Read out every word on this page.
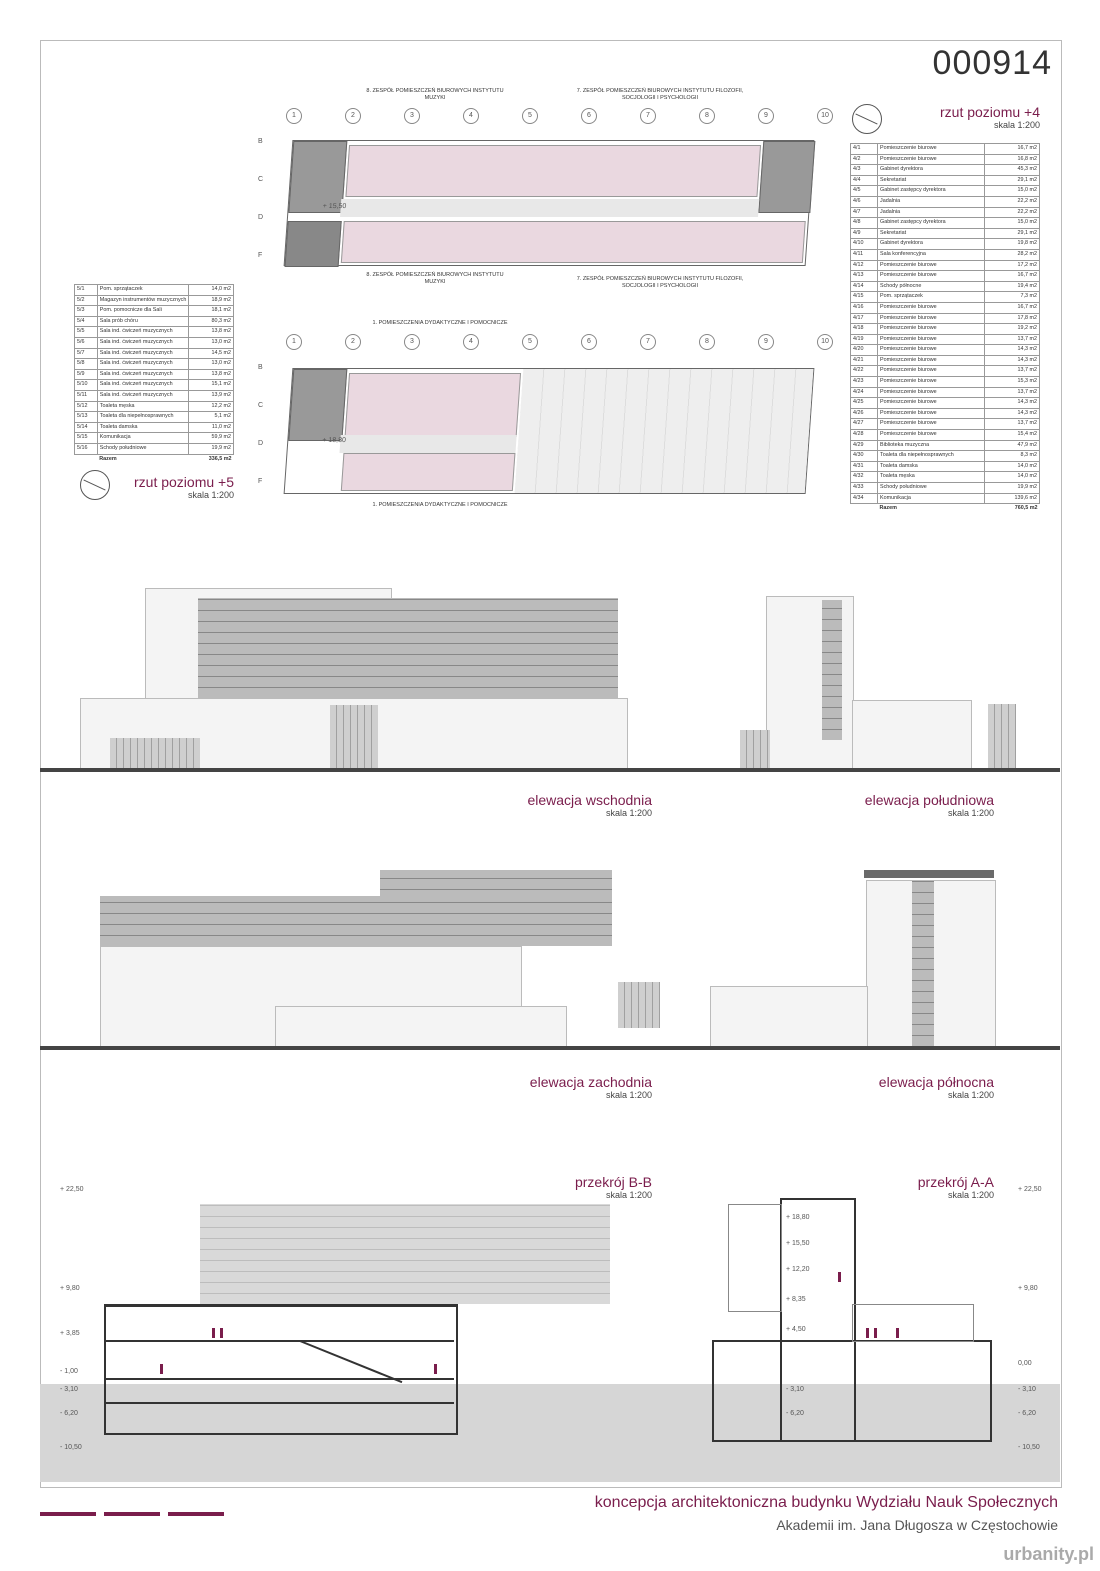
000914
8. ZESPÓŁ POMIESZCZEŃ BIUROWYCH INSTYTUTU MUZYKI
7. ZESPÓŁ POMIESZCZEŃ BIUROWYCH INSTYTUTU FILOZOFII, SOCJOLOGII I PSYCHOLOGII
+ 15,50
8. ZESPÓŁ POMIESZCZEŃ BIUROWYCH INSTYTUTU MUZYKI	7. ZESPÓŁ POMIESZCZEŃ BIUROWYCH INSTYTUTU FILOZOFII, SOCJOLOGII I PSYCHOLOGII
rzut poziomu +4
skala 1:200
4/1	Pomieszczenie biurowe	16,7 m2
4/2	Pomieszczenie biurowe	16,8 m2
4/3	Gabinet dyrektora	45,3 m2
4/4	Sekretariat	29,1 m2
4/5	Gabinet zastępcy dyrektora	15,0 m2
4/6	Jadalnia	22,2 m2
4/7	Jadalnia	22,2 m2
4/8	Gabinet zastępcy dyrektora	15,0 m2
4/9	Sekretariat	29,1 m2
4/10	Gabinet dyrektora	19,8 m2
4/11	Sala konferencyjna	28,2 m2
4/12	Pomieszczenie biurowe	17,2 m2
4/13	Pomieszczenie biurowe	16,7 m2
4/14	Schody północne	19,4 m2
4/15	Pom. sprzątaczek	7,3 m2
4/16	Pomieszczenie biurowe	16,7 m2
4/17	Pomieszczenie biurowe	17,8 m2
4/18	Pomieszczenie biurowe	19,2 m2
4/19	Pomieszczenie biurowe	13,7 m2
4/20	Pomieszczenie biurowe	14,3 m2
4/21	Pomieszczenie biurowe	14,3 m2
4/22	Pomieszczenie biurowe	13,7 m2
4/23	Pomieszczenie biurowe	15,3 m2
4/24	Pomieszczenie biurowe	13,7 m2
4/25	Pomieszczenie biurowe	14,3 m2
4/26	Pomieszczenie biurowe	14,3 m2
4/27	Pomieszczenie biurowe	13,7 m2
4/28	Pomieszczenie biurowe	15,4 m2
4/29	Biblioteka muzyczna	47,9 m2
4/30	Toaleta dla niepełnosprawnych	8,3 m2
4/31	Toaleta damska	14,0 m2
4/32	Toaleta męska	14,0 m2
4/33	Schody południowe	19,9 m2
4/34	Komunikacja	139,6 m2
	Razem	760,5 m2
1. POMIESZCZENIA DYDAKTYCZNE I POMOCNICZE
+ 18,80
1. POMIESZCZENIA DYDAKTYCZNE I POMOCNICZE
5/1	Pom. sprzątaczek	14,0 m2
5/2	Magazyn instrumentów muzycznych	18,9 m2
5/3	Pom. pomocnicze dla Sali	18,1 m2
5/4	Sala prób chóru	80,3 m2
5/5	Sala ind. ćwiczeń muzycznych	13,8 m2
5/6	Sala ind. ćwiczeń muzycznych	13,0 m2
5/7	Sala ind. ćwiczeń muzycznych	14,5 m2
5/8	Sala ind. ćwiczeń muzycznych	13,0 m2
5/9	Sala ind. ćwiczeń muzycznych	13,8 m2
5/10	Sala ind. ćwiczeń muzycznych	15,1 m2
5/11	Sala ind. ćwiczeń muzycznych	13,9 m2
5/12	Toaleta męska	12,2 m2
5/13	Toaleta dla niepełnosprawnych	5,1 m2
5/14	Toaleta damska	11,0 m2
5/15	Komunikacja	59,9 m2
5/16	Schody południowe	19,9 m2
	Razem	336,5 m2
rzut poziomu +5
skala 1:200
elewacja wschodnia
skala 1:200
elewacja południowa
skala 1:200
elewacja zachodnia
skala 1:200
elewacja północna
skala 1:200
przekrój B-B
skala 1:200
przekrój A-A
skala 1:200
koncepcja architektoniczna budynku Wydziału Nauk Społecznych
Akademii im. Jana Długosza w Częstochowie
urbanity.pl
1	2	3	4	5	6	7	8	9	10
B
C
D
F
1	2	3	4	5	6	7	8	9	10
B
C
D
F
+ 22,50
+ 9,80
+ 3,85
- 1,00
- 3,10
- 6,20
- 10,50
+ 22,50
+ 9,80
0,00
- 3,10
- 6,20
- 10,50
+ 18,80
+ 15,50
+ 12,20
+ 8,35
+ 4,50
- 3,10
- 6,20
